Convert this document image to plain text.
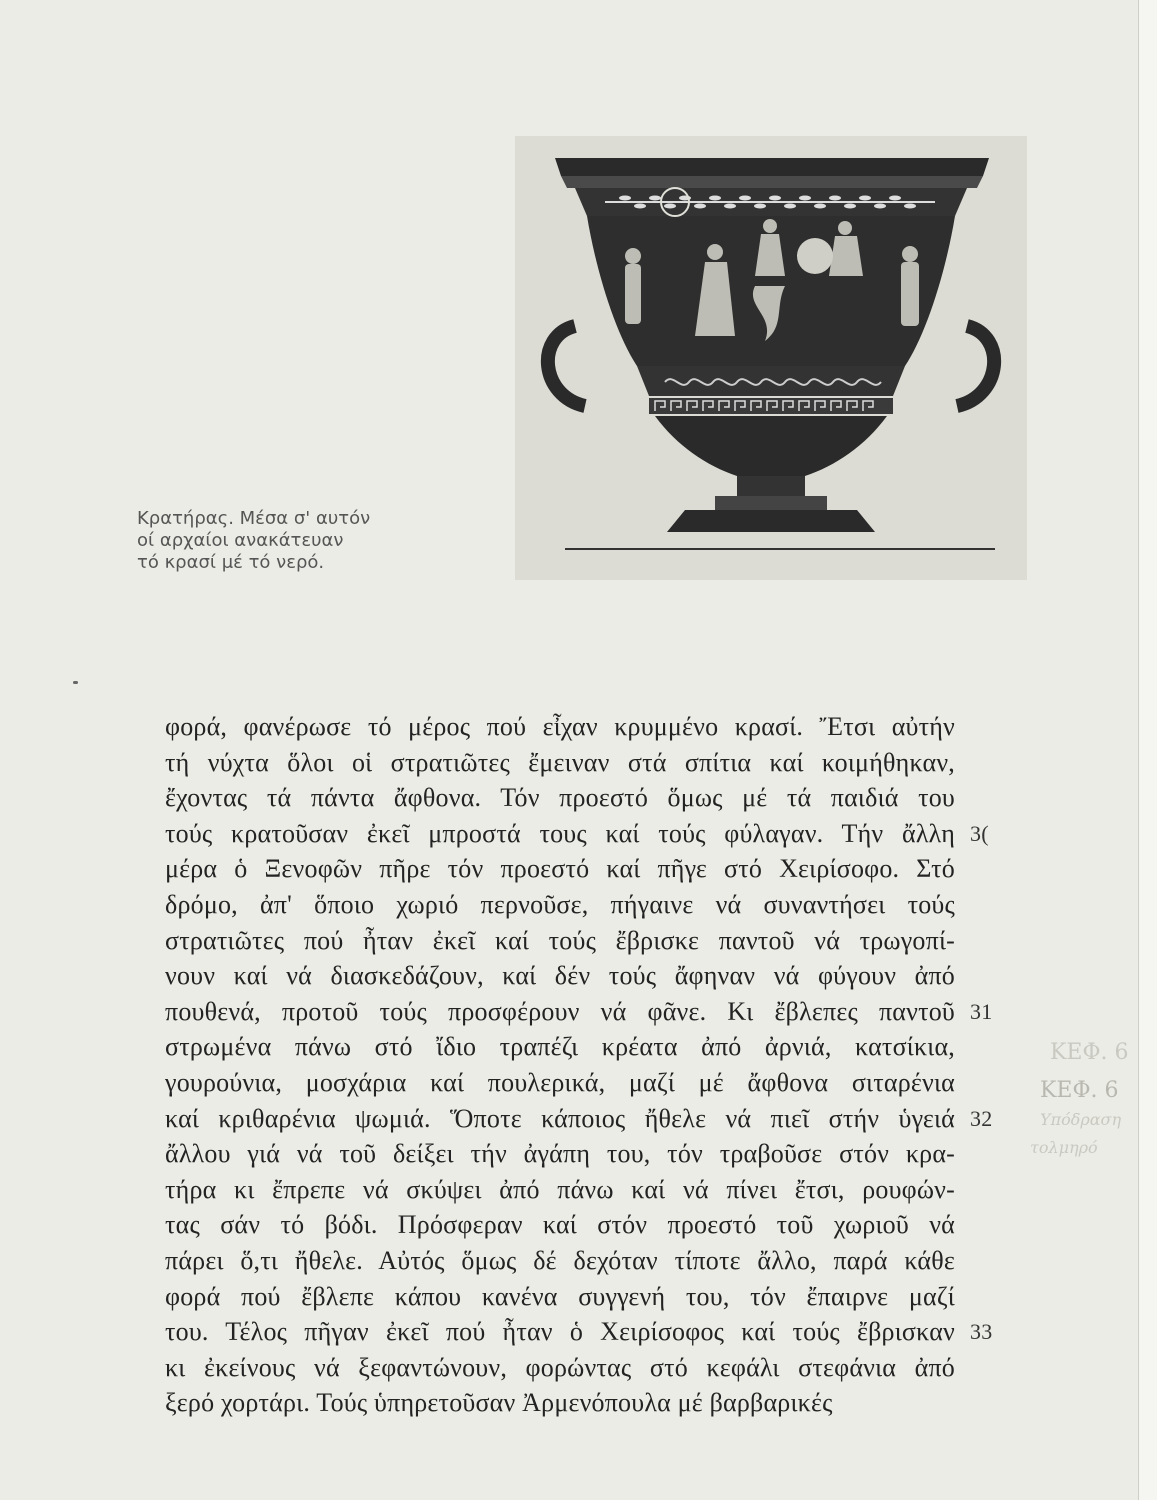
ΚΕΦ. 6
ΚΕΦ. 6
Υπόδραση
τολμηρό
Κρατήρας. Μέσα σ' αυτόν
οί αρχαίοι ανακάτευαν
τό κρασί μέ τό νερό.
φορά, φανέρωσε τό μέρος πού εἶχαν κρυμμένο κρασί. Ἔτσι αὐτήν
τή νύχτα ὅλοι οἱ στρατιῶτες ἔμειναν στά σπίτια καί κοιμήθηκαν,
ἔχοντας τά πάντα ἄφθονα. Τόν προεστό ὅμως μέ τά παιδιά του
τούς κρατοῦσαν ἐκεῖ μπροστά τους καί τούς φύλαγαν. Τήν ἄλλη 3(
μέρα ὁ Ξενοφῶν πῆρε τόν προεστό καί πῆγε στό Χειρίσοφο. Στό
δρόμο, ἀπ' ὅποιο χωριό περνοῦσε, πήγαινε νά συναντήσει τούς
στρατιῶτες πού ἦταν ἐκεῖ καί τούς ἔβρισκε παντοῦ νά τρωγοπί-
νουν καί νά διασκεδάζουν, καί δέν τούς ἄφηναν νά φύγουν ἀπό
πουθενά, προτοῦ τούς προσφέρουν νά φᾶνε. Κι ἔβλεπες παντοῦ 31
στρωμένα πάνω στό ἴδιο τραπέζι κρέατα ἀπό ἀρνιά, κατσίκια,
γουρούνια, μοσχάρια καί πουλερικά, μαζί μέ ἄφθονα σιταρένια
καί κριθαρένια ψωμιά. Ὅποτε κάποιος ἤθελε νά πιεῖ στήν ὑγειά 32
ἄλλου γιά νά τοῦ δείξει τήν ἀγάπη του, τόν τραβοῦσε στόν κρα-
τήρα κι ἔπρεπε νά σκύψει ἀπό πάνω καί νά πίνει ἔτσι, ρουφών-
τας σάν τό βόδι. Πρόσφεραν καί στόν προεστό τοῦ χωριοῦ νά
πάρει ὅ,τι ἤθελε. Αὐτός ὅμως δέ δεχόταν τίποτε ἄλλο, παρά κάθε
φορά πού ἔβλεπε κάπου κανένα συγγενή του, τόν ἔπαιρνε μαζί
του. Τέλος πῆγαν ἐκεῖ πού ἦταν ὁ Χειρίσοφος καί τούς ἔβρισκαν 33
κι ἐκείνους νά ξεφαντώνουν, φορώντας στό κεφάλι στεφάνια ἀπό
ξερό χορτάρι. Τούς ὑπηρετοῦσαν Ἀρμενόπουλα μέ βαρβαρικές
